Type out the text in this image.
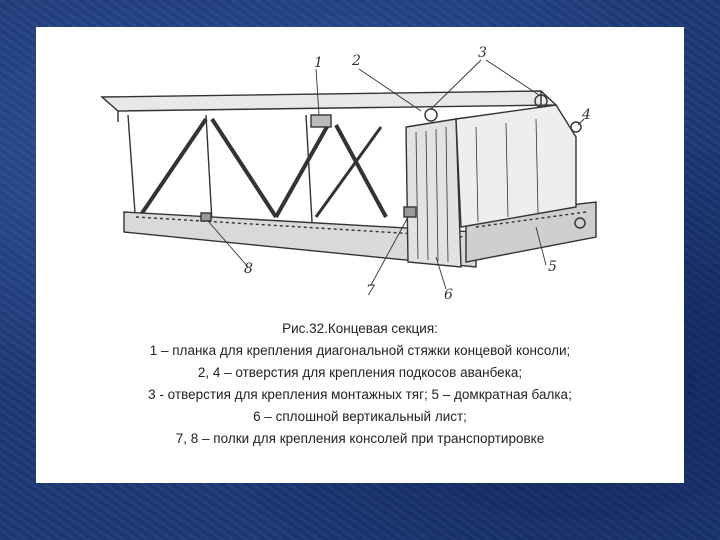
1 2	3
4
5
6
7
8
Рис.32.Концевая секция:
1 – планка для крепления диагональной стяжки концевой консоли;
2, 4 – отверстия для крепления подкосов аванбека;
3 - отверстия для крепления монтажных тяг; 5 – домкратная балка;
6 – сплошной вертикальный лист;
7, 8 – полки для крепления консолей при транспортировке
